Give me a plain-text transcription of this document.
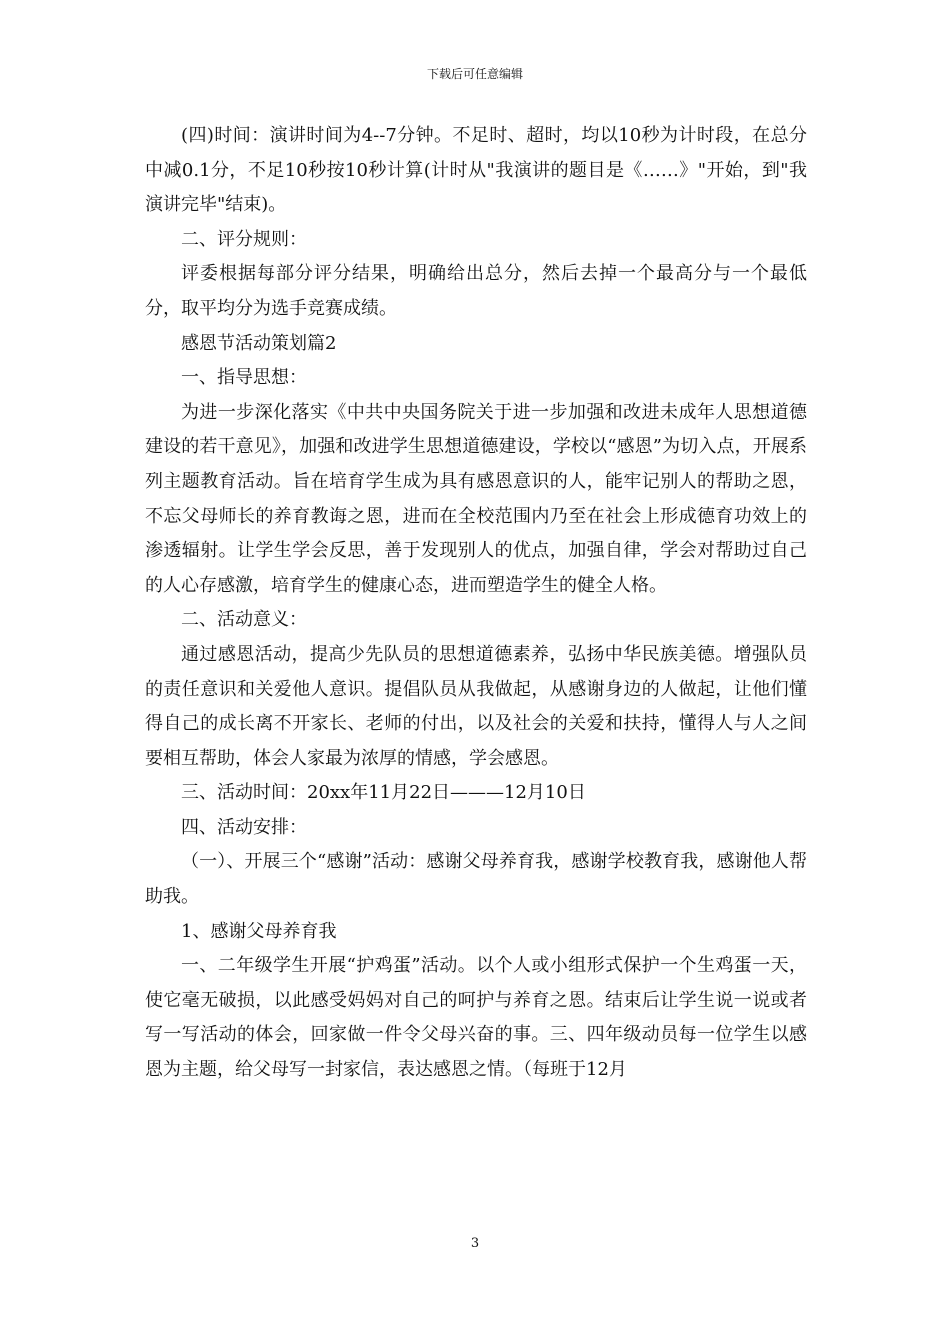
下载后可任意编辑

(四)时间：演讲时间为4--7分钟。不足时、超时，均以10秒为计时段，在总分中减0.1分，不足10秒按10秒计算(计时从"我演讲的题目是《……》"开始，到"我演讲完毕"结束)。

二、评分规则：

评委根据每部分评分结果，明确给出总分，然后去掉一个最高分与一个最低分，取平均分为选手竞赛成绩。

感恩节活动策划篇2

一、指导思想：

为进一步深化落实《中共中央国务院关于进一步加强和改进未成年人思想道德建设的若干意见》，加强和改进学生思想道德建设，学校以“感恩”为切入点，开展系列主题教育活动。旨在培育学生成为具有感恩意识的人，能牢记别人的帮助之恩，不忘父母师长的养育教诲之恩，进而在全校范围内乃至在社会上形成德育功效上的渗透辐射。让学生学会反思，善于发现别人的优点，加强自律，学会对帮助过自己的人心存感激，培育学生的健康心态，进而塑造学生的健全人格。

二、活动意义：

通过感恩活动，提高少先队员的思想道德素养，弘扬中华民族美德。增强队员的责任意识和关爱他人意识。提倡队员从我做起，从感谢身边的人做起，让他们懂得自己的成长离不开家长、老师的付出，以及社会的关爱和扶持，懂得人与人之间要相互帮助，体会人家最为浓厚的情感，学会感恩。

三、活动时间：20xx年11月22日———12月10日

四、活动安排：

（一）、开展三个“感谢”活动：感谢父母养育我，感谢学校教育我，感谢他人帮助我。

1、感谢父母养育我

一、二年级学生开展“护鸡蛋”活动。以个人或小组形式保护一个生鸡蛋一天，使它毫无破损，以此感受妈妈对自己的呵护与养育之恩。结束后让学生说一说或者写一写活动的体会，回家做一件令父母兴奋的事。三、四年级动员每一位学生以感恩为主题，给父母写一封家信，表达感恩之情。（每班于12月

3
